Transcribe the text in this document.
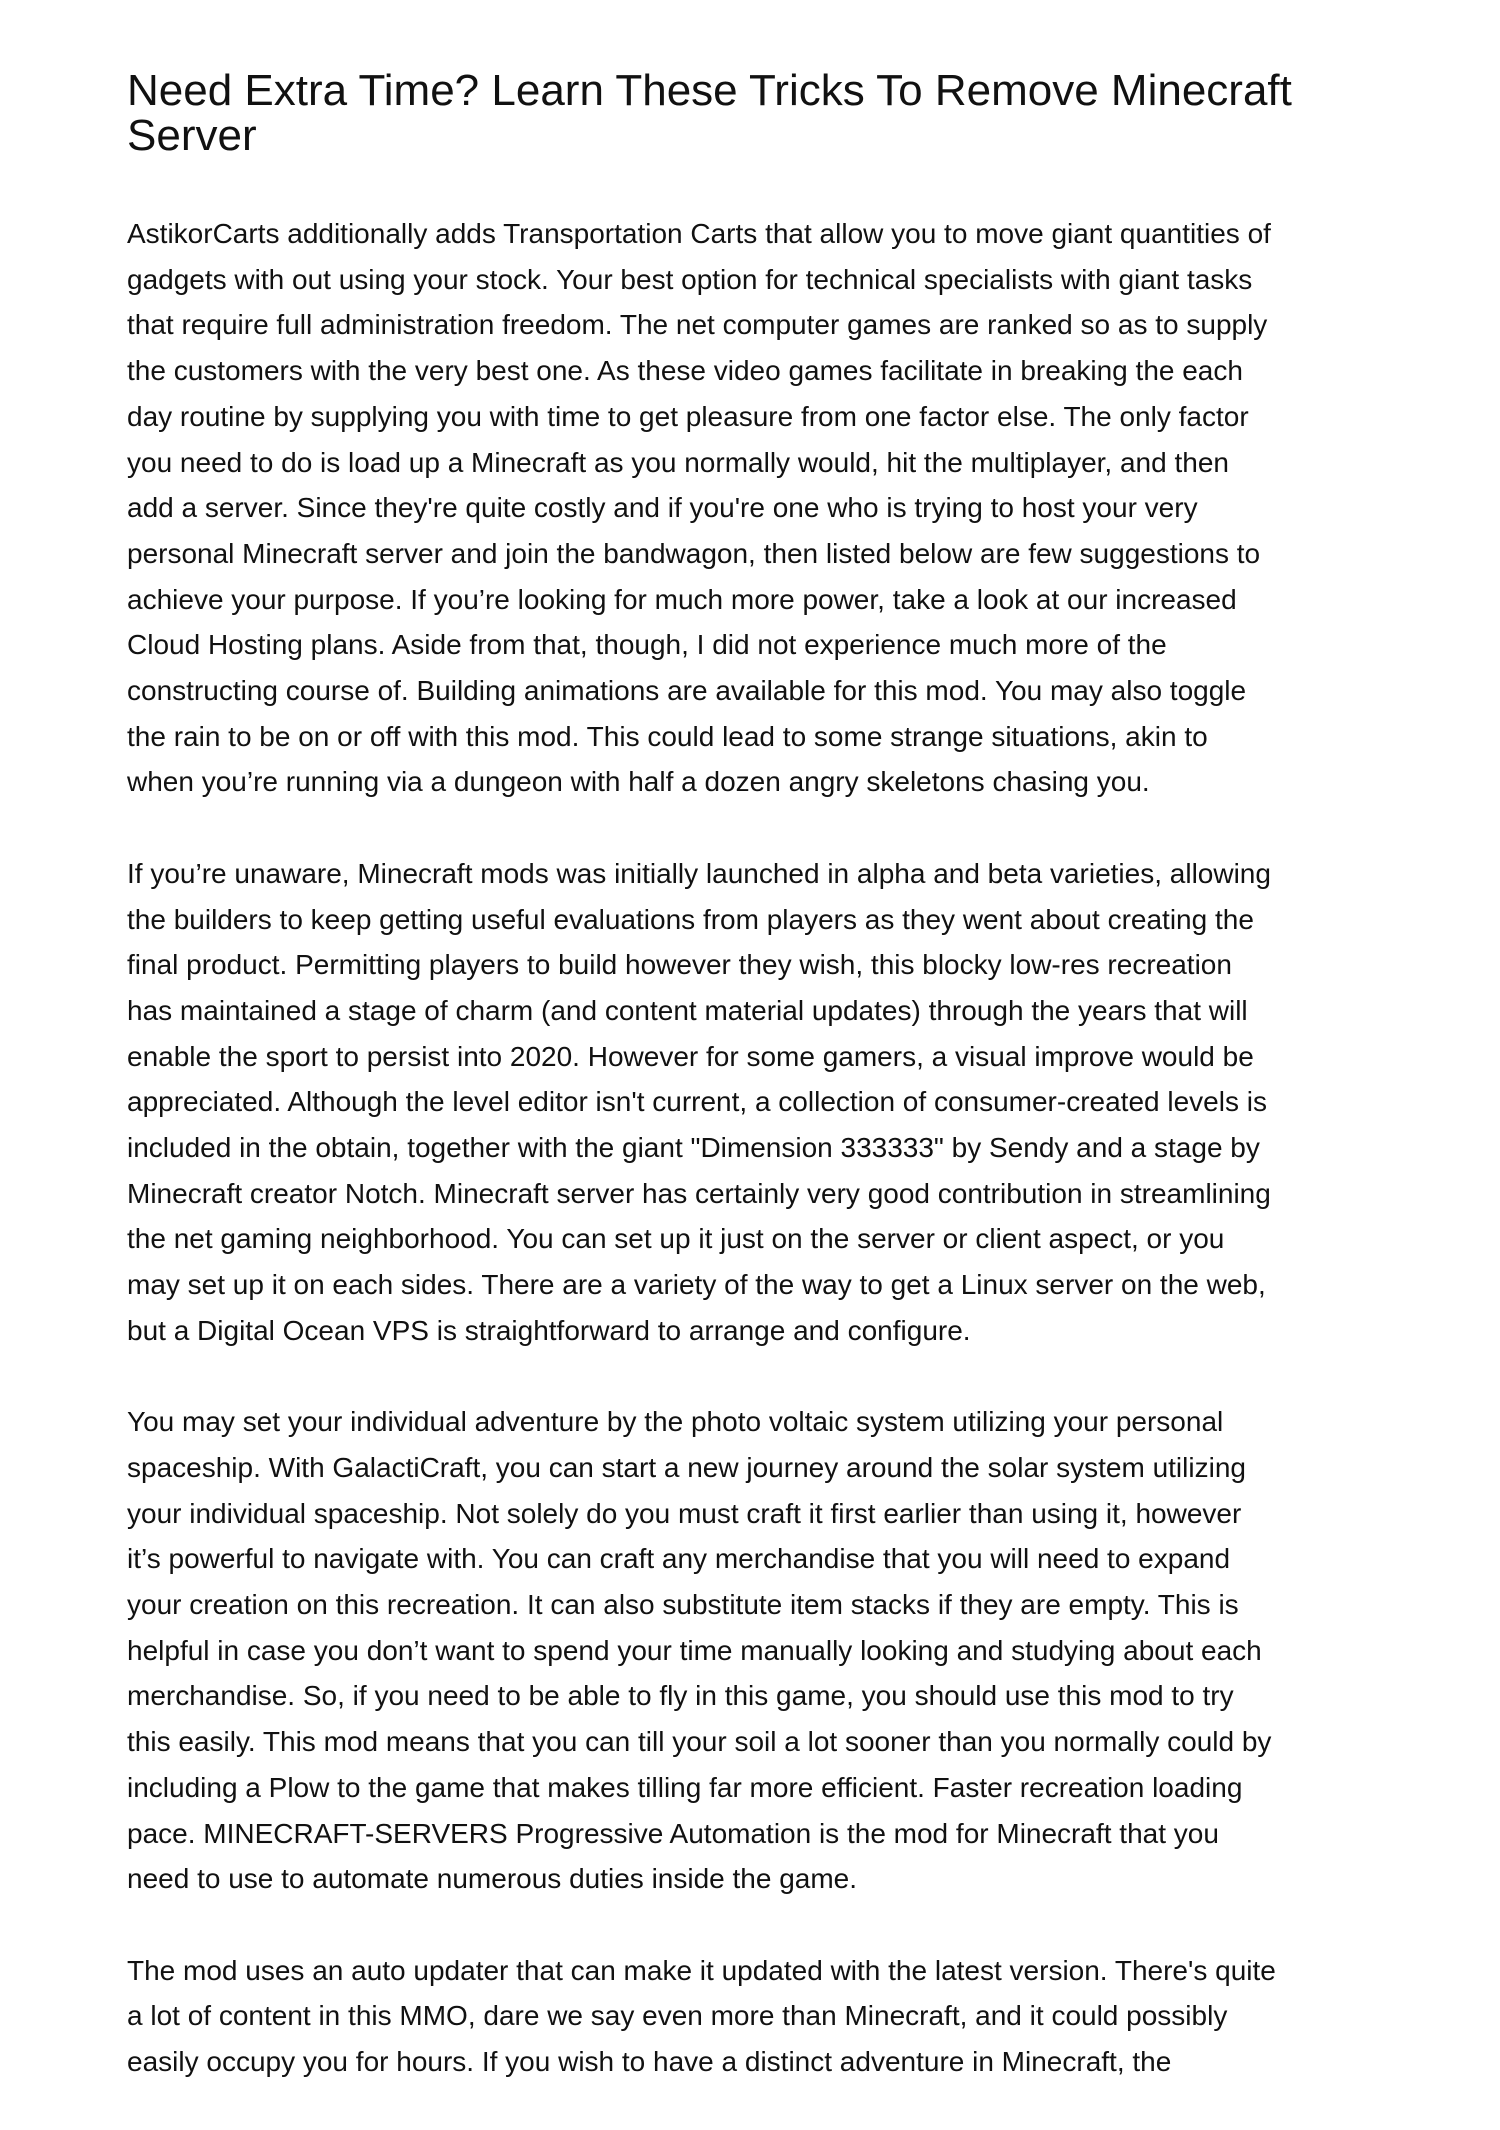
Need Extra Time? Learn These Tricks To Remove Minecraft Server

AstikorCarts additionally adds Transportation Carts that allow you to move giant quantities of
gadgets with out using your stock. Your best option for technical specialists with giant tasks
that require full administration freedom. The net computer games are ranked so as to supply
the customers with the very best one. As these video games facilitate in breaking the each
day routine by supplying you with time to get pleasure from one factor else. The only factor
you need to do is load up a Minecraft as you normally would, hit the multiplayer, and then
add a server. Since they're quite costly and if you're one who is trying to host your very
personal Minecraft server and join the bandwagon, then listed below are few suggestions to
achieve your purpose. If you’re looking for much more power, take a look at our increased
Cloud Hosting plans. Aside from that, though, I did not experience much more of the
constructing course of. Building animations are available for this mod. You may also toggle
the rain to be on or off with this mod. This could lead to some strange situations, akin to
when you’re running via a dungeon with half a dozen angry skeletons chasing you.

If you’re unaware, Minecraft mods was initially launched in alpha and beta varieties, allowing
the builders to keep getting useful evaluations from players as they went about creating the
final product. Permitting players to build however they wish, this blocky low-res recreation
has maintained a stage of charm (and content material updates) through the years that will
enable the sport to persist into 2020. However for some gamers, a visual improve would be
appreciated. Although the level editor isn't current, a collection of consumer-created levels is
included in the obtain, together with the giant "Dimension 333333" by Sendy and a stage by
Minecraft creator Notch. Minecraft server has certainly very good contribution in streamlining
the net gaming neighborhood. You can set up it just on the server or client aspect, or you
may set up it on each sides. There are a variety of the way to get a Linux server on the web,
but a Digital Ocean VPS is straightforward to arrange and configure.

You may set your individual adventure by the photo voltaic system utilizing your personal
spaceship. With GalactiCraft, you can start a new journey around the solar system utilizing
your individual spaceship. Not solely do you must craft it first earlier than using it, however
it’s powerful to navigate with. You can craft any merchandise that you will need to expand
your creation on this recreation. It can also substitute item stacks if they are empty. This is
helpful in case you don’t want to spend your time manually looking and studying about each
merchandise. So, if you need to be able to fly in this game, you should use this mod to try
this easily. This mod means that you can till your soil a lot sooner than you normally could by
including a Plow to the game that makes tilling far more efficient. Faster recreation loading
pace. MINECRAFT-SERVERS Progressive Automation is the mod for Minecraft that you
need to use to automate numerous duties inside the game.

The mod uses an auto updater that can make it updated with the latest version. There's quite
a lot of content in this MMO, dare we say even more than Minecraft, and it could possibly
easily occupy you for hours. If you wish to have a distinct adventure in Minecraft, the
